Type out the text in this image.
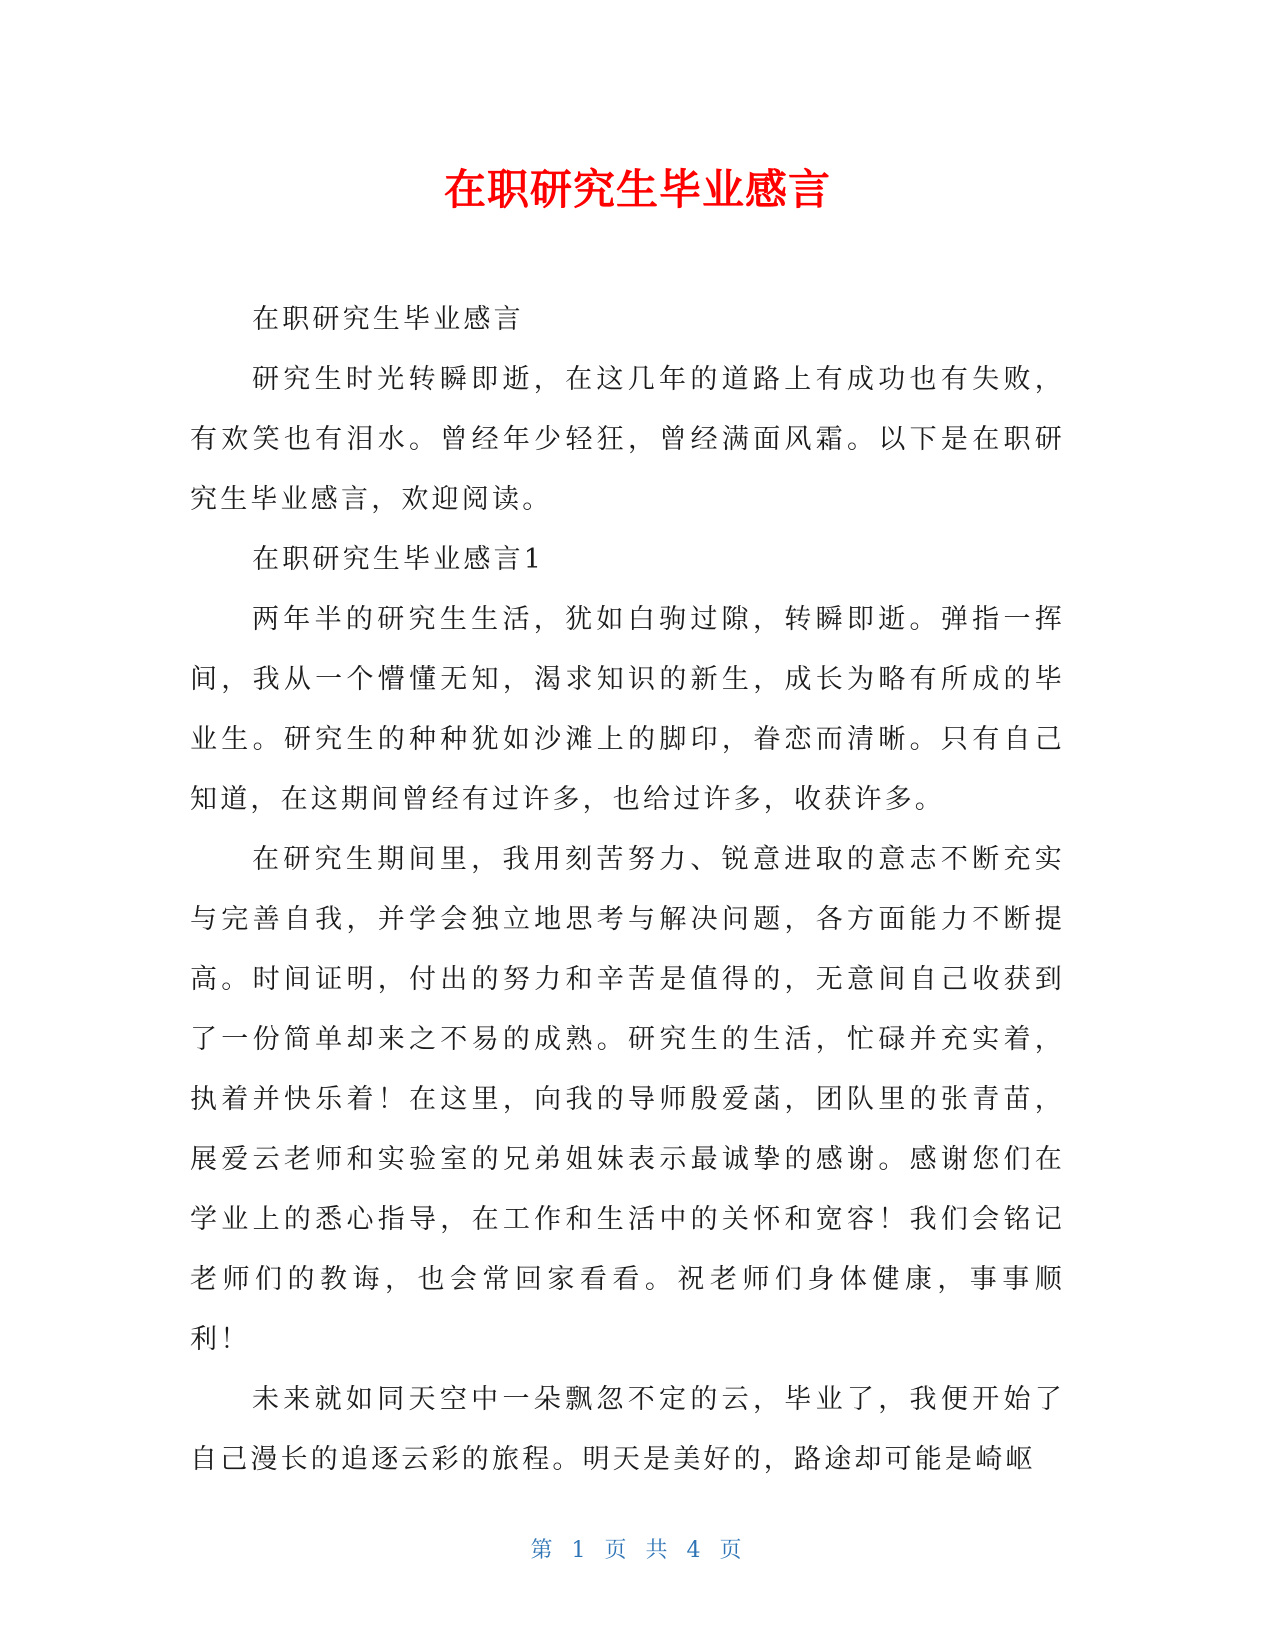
在职研究生毕业感言

在职研究生毕业感言

研究生时光转瞬即逝，在这几年的道路上有成功也有失败，有欢笑也有泪水。曾经年少轻狂，曾经满面风霜。以下是在职研究生毕业感言，欢迎阅读。

在职研究生毕业感言1

两年半的研究生生活，犹如白驹过隙，转瞬即逝。弹指一挥间，我从一个懵懂无知，渴求知识的新生，成长为略有所成的毕业生。研究生的种种犹如沙滩上的脚印，眷恋而清晰。只有自己知道，在这期间曾经有过许多，也给过许多，收获许多。

在研究生期间里，我用刻苦努力、锐意进取的意志不断充实与完善自我，并学会独立地思考与解决问题，各方面能力不断提高。时间证明，付出的努力和辛苦是值得的，无意间自己收获到了一份简单却来之不易的成熟。研究生的生活，忙碌并充实着，执着并快乐着！在这里，向我的导师殷爱菡，团队里的张青苗，展爱云老师和实验室的兄弟姐妹表示最诚挚的感谢。感谢您们在学业上的悉心指导，在工作和生活中的关怀和宽容！我们会铭记老师们的教诲，也会常回家看看。祝老师们身体健康，事事顺利！

未来就如同天空中一朵飘忽不定的云，毕业了，我便开始了自己漫长的追逐云彩的旅程。明天是美好的，路途却可能是崎岖

第 1 页 共 4 页
